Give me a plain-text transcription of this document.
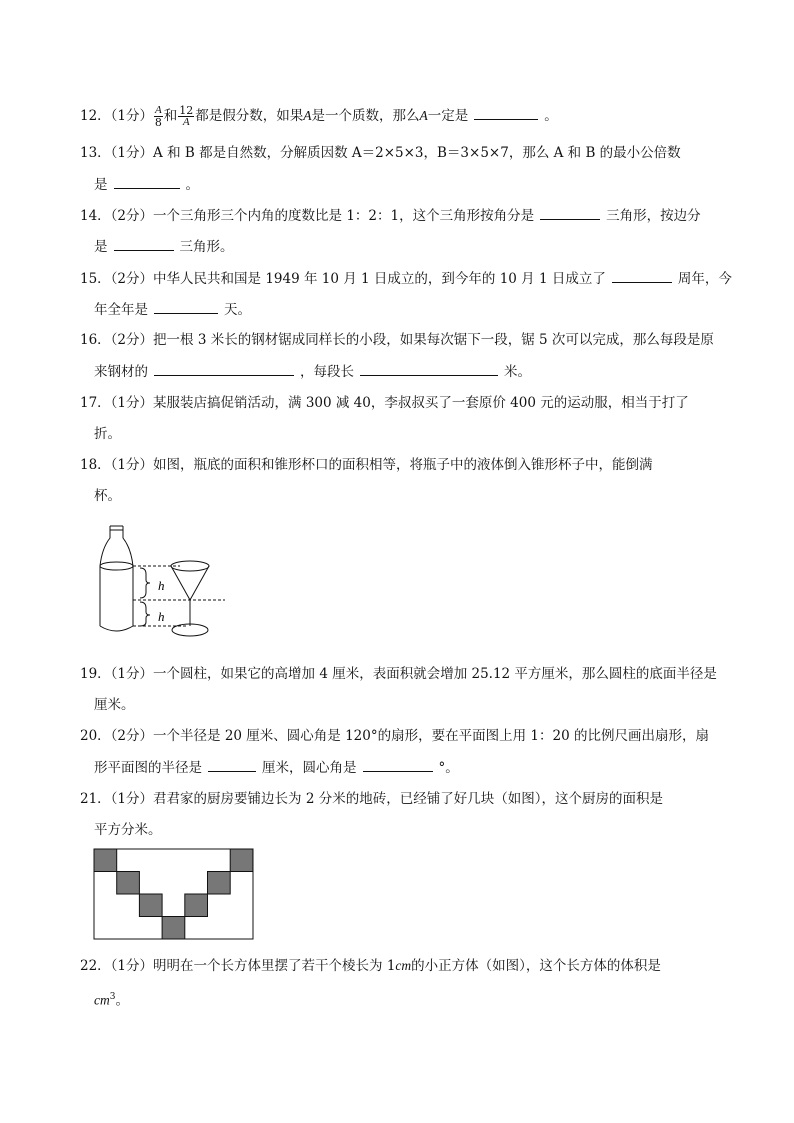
12．（1分） $\frac{A}{8}$ 和 $\frac{12}{A}$ 都是假分数，如果A是一个质数，那么A一定是	。
13．（1分）A 和 B 都是自然数，分解质因数 A＝2×5×3，B＝3×5×7，那么 A 和 B 的最小公倍数
是	。
14．（2分）一个三角形三个内角的度数比是 1：2：1，这个三角形按角分是	三角形，按边分
是	三角形。
15．（2分）中华人民共和国是 1949 年 10 月 1 日成立的，到今年的 10 月 1 日成立了	周年，今
年全年是	天。
16．（2分）把一根 3 米长的钢材锯成同样长的小段，如果每次锯下一段，锯 5 次可以完成，那么每段是原
来钢材的	，每段长	米。
17．（1分）某服装店搞促销活动，满 300 减 40，李叔叔买了一套原价 400 元的运动服，相当于打了
折。
18．（1分）如图，瓶底的面积和锥形杯口的面积相等，将瓶子中的液体倒入锥形杯子中，能倒满
杯。
h
h
19．（1分）一个圆柱，如果它的高增加 4 厘米，表面积就会增加 25.12 平方厘米，那么圆柱的底面半径是
厘米。
20．（2分）一个半径是 20 厘米、圆心角是 120°的扇形，要在平面图上用 1：20 的比例尺画出扇形，扇
形平面图的半径是	厘米，圆心角是	°。
21．（1分）君君家的厨房要铺边长为 2 分米的地砖，已经铺了好几块（如图），这个厨房的面积是
平方分米。
22．（1分）明明在一个长方体里摆了若干个棱长为 1cm的小正方体（如图），这个长方体的体积是
$cm^3$。
